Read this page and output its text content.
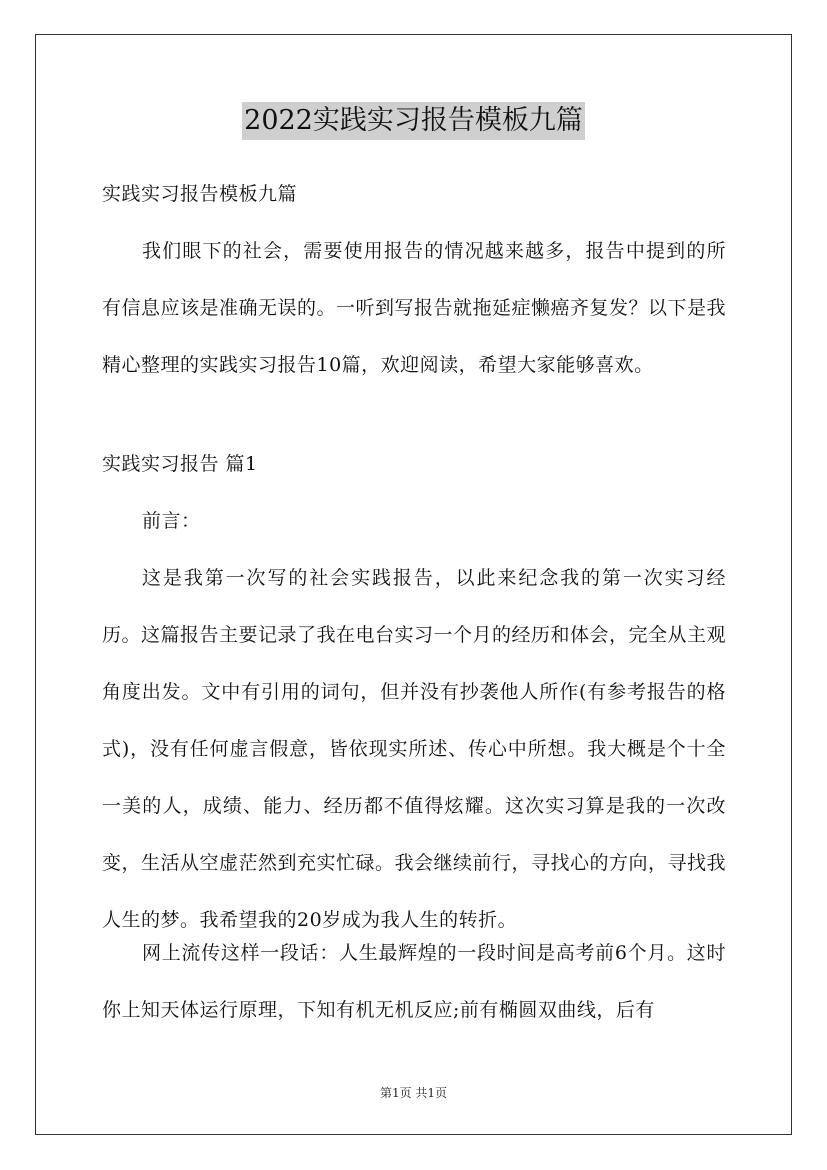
2022实践实习报告模板九篇

实践实习报告模板九篇

我们眼下的社会，需要使用报告的情况越来越多，报告中提到的所有信息应该是准确无误的。一听到写报告就拖延症懒癌齐复发？以下是我精心整理的实践实习报告10篇，欢迎阅读，希望大家能够喜欢。

实践实习报告 篇1

前言：

这是我第一次写的社会实践报告，以此来纪念我的第一次实习经历。这篇报告主要记录了我在电台实习一个月的经历和体会，完全从主观角度出发。文中有引用的词句，但并没有抄袭他人所作(有参考报告的格式)，没有任何虚言假意，皆依现实所述、传心中所想。我大概是个十全一美的人，成绩、能力、经历都不值得炫耀。这次实习算是我的一次改变，生活从空虚茫然到充实忙碌。我会继续前行，寻找心的方向，寻找我人生的梦。我希望我的20岁成为我人生的转折。

网上流传这样一段话：人生最辉煌的一段时间是高考前6个月。这时你上知天体运行原理，下知有机无机反应;前有椭圆双曲线，后有

第1页 共1页
